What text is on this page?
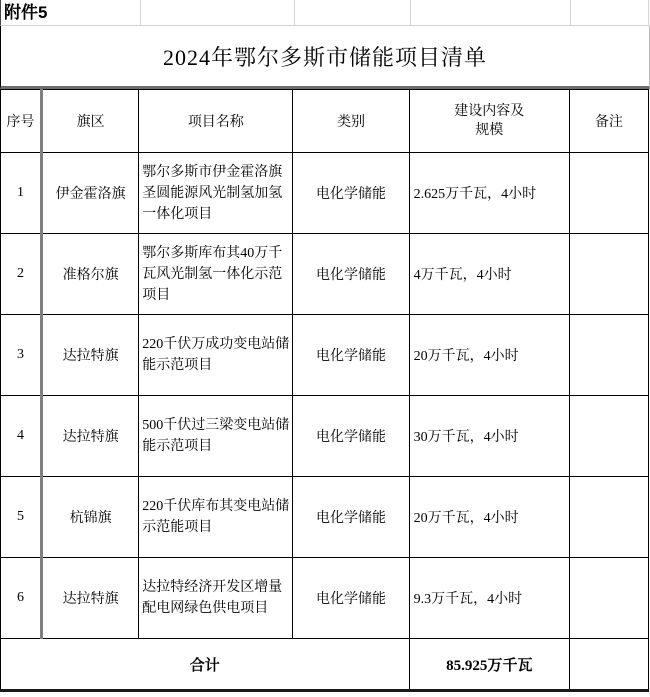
附件5
2024年鄂尔多斯市储能项目清单
序号	旗区	项目名称	类别	建设内容及规模	备注
1	伊金霍洛旗	鄂尔多斯市伊金霍洛旗圣圆能源风光制氢加氢一体化项目	电化学储能	2.625万千瓦，4小时	
2	准格尔旗	鄂尔多斯库布其40万千瓦风光制氢一体化示范项目	电化学储能	4万千瓦，4小时	
3	达拉特旗	220千伏万成功变电站储能示范项目	电化学储能	20万千瓦，4小时	
4	达拉特旗	500千伏过三梁变电站储能示范项目	电化学储能	30万千瓦，4小时	
5	杭锦旗	220千伏库布其变电站储示范能项目	电化学储能	20万千瓦，4小时	
6	达拉特旗	达拉特经济开发区增量配电网绿色供电项目	电化学储能	9.3万千瓦，4小时	
合计				85.925万千瓦	
